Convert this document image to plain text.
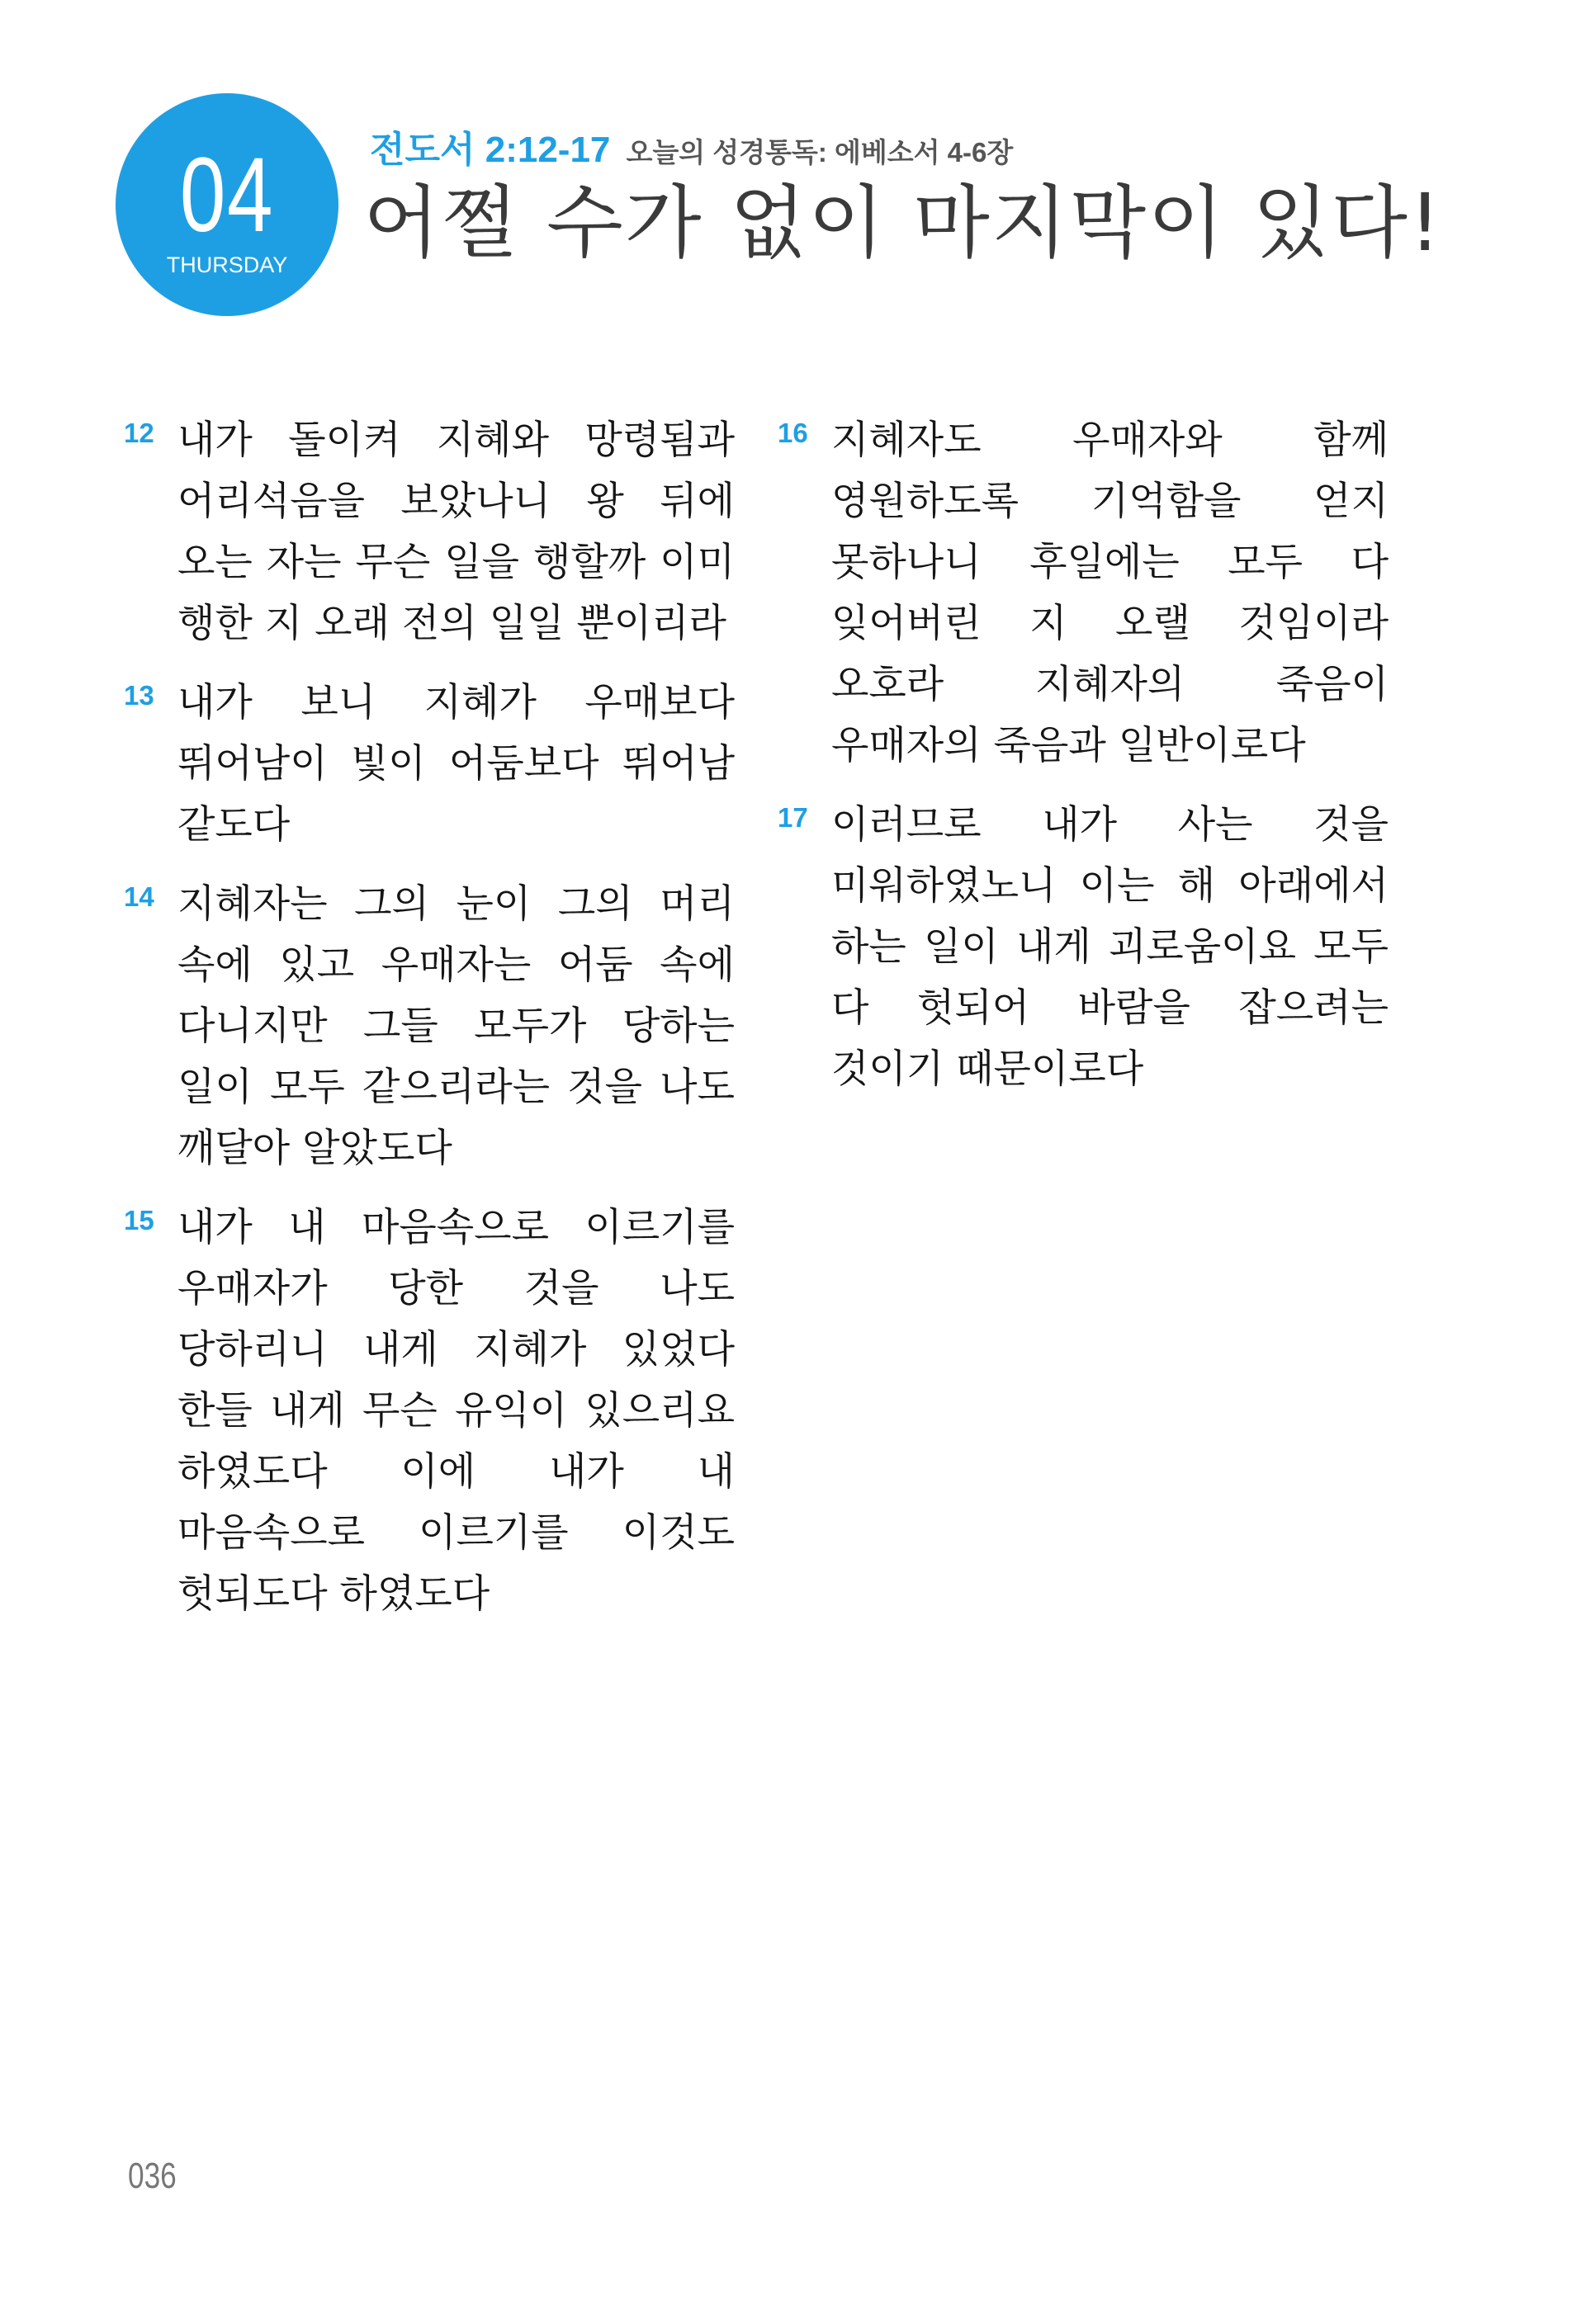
04
THURSDAY
전도서 2:12-17 오늘의 성경통독: 에베소서 4-6장
어쩔 수가 없이 마지막이 있다!
12 내가 돌이켜 지혜와 망령됨과 어리석음을 보았나니 왕 뒤에 오는 자는 무슨 일을 행할까 이미 행한 지 오래 전의 일일 뿐이리라
13 내가 보니 지혜가 우매보다 뛰어남이 빛이 어둠보다 뛰어남 같도다
14 지혜자는 그의 눈이 그의 머리 속에 있고 우매자는 어둠 속에 다니지만 그들 모두가 당하는 일이 모두 같으리라는 것을 나도 깨달아 알았도다
15 내가 내 마음속으로 이르기를 우매자가 당한 것을 나도 당하리니 내게 지혜가 있었다 한들 내게 무슨 유익이 있으리요 하였도다 이에 내가 내 마음속으로 이르기를 이것도 헛되도다 하였도다
16 지혜자도 우매자와 함께 영원하도록 기억함을 얻지 못하나니 후일에는 모두 다 잊어버린 지 오랠 것임이라 오호라 지혜자의 죽음이 우매자의 죽음과 일반이로다
17 이러므로 내가 사는 것을 미워하였노니 이는 해 아래에서 하는 일이 내게 괴로움이요 모두 다 헛되어 바람을 잡으려는 것이기 때문이로다
036
